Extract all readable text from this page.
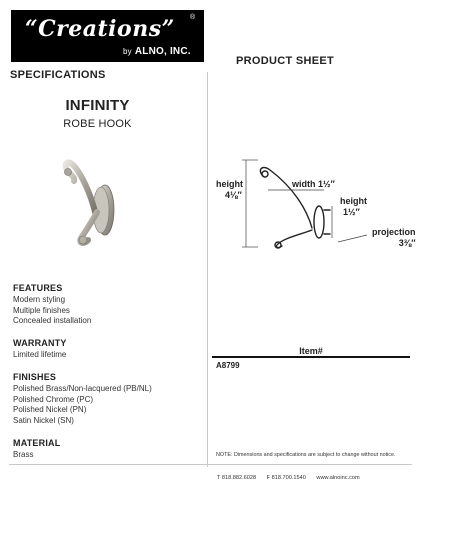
“Creations” ®
by ALNO, INC.
PRODUCT SHEET
SPECIFICATIONS
INFINITY
ROBE HOOK
height
4⅛″
width 1½″
height
1½″
projection
3⅜″
FEATURES
Modern styling
Multiple finishes
Concealed installation
WARRANTY
Limited lifetime
FINISHES
Polished Brass/Non-lacquered (PB/NL)
Polished Chrome (PC)
Polished Nickel (PN)
Satin Nickel (SN)
MATERIAL
Brass
Item#
A8799
NOTE: Dimensions and specifications are subject to change without notice.
T 818.882.6028 F 818.700.1540 www.alnoinc.com
